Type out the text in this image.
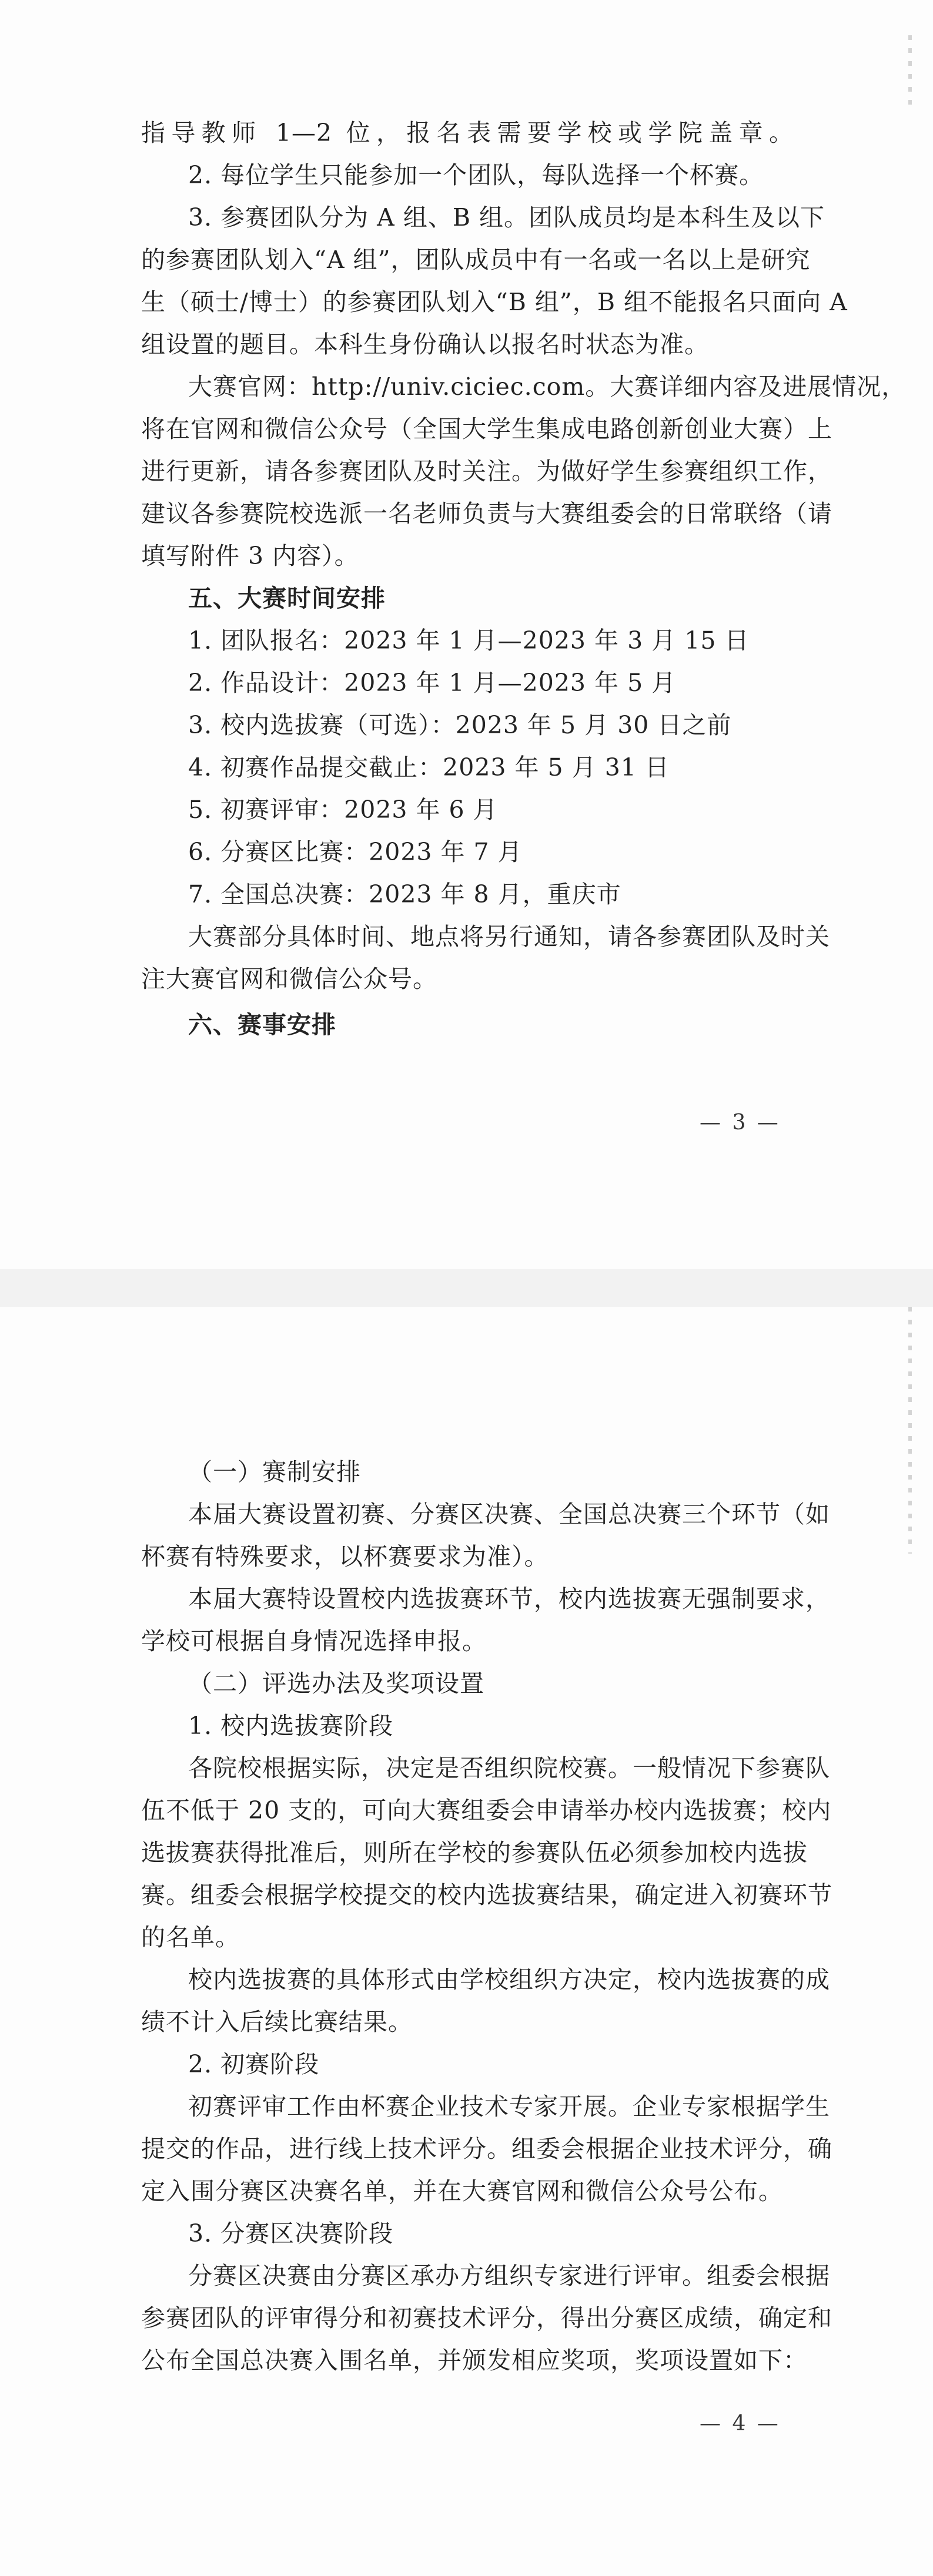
指导教师 1—2 位，报名表需要学校或学院盖章。
2. 每位学生只能参加一个团队，每队选择一个杯赛。
3. 参赛团队分为 A 组、B 组。团队成员均是本科生及以下
的参赛团队划入“A 组”，团队成员中有一名或一名以上是研究
生（硕士/博士）的参赛团队划入“B 组”，B 组不能报名只面向 A
组设置的题目。本科生身份确认以报名时状态为准。
大赛官网：http://univ.ciciec.com。大赛详细内容及进展情况，
将在官网和微信公众号（全国大学生集成电路创新创业大赛）上
进行更新，请各参赛团队及时关注。为做好学生参赛组织工作，
建议各参赛院校选派一名老师负责与大赛组委会的日常联络（请
填写附件 3 内容）。
五、大赛时间安排
1. 团队报名：2023 年 1 月—2023 年 3 月 15 日
2. 作品设计：2023 年 1 月—2023 年 5 月
3. 校内选拔赛（可选）：2023 年 5 月 30 日之前
4. 初赛作品提交截止：2023 年 5 月 31 日
5. 初赛评审：2023 年 6 月
6. 分赛区比赛：2023 年 7 月
7. 全国总决赛：2023 年 8 月，重庆市
大赛部分具体时间、地点将另行通知，请各参赛团队及时关
注大赛官网和微信公众号。
六、赛事安排
— 3 —
（一）赛制安排
本届大赛设置初赛、分赛区决赛、全国总决赛三个环节（如
杯赛有特殊要求，以杯赛要求为准）。
本届大赛特设置校内选拔赛环节，校内选拔赛无强制要求，
学校可根据自身情况选择申报。
（二）评选办法及奖项设置
1. 校内选拔赛阶段
各院校根据实际，决定是否组织院校赛。一般情况下参赛队
伍不低于 20 支的，可向大赛组委会申请举办校内选拔赛；校内
选拔赛获得批准后，则所在学校的参赛队伍必须参加校内选拔
赛。组委会根据学校提交的校内选拔赛结果，确定进入初赛环节
的名单。
校内选拔赛的具体形式由学校组织方决定，校内选拔赛的成
绩不计入后续比赛结果。
2. 初赛阶段
初赛评审工作由杯赛企业技术专家开展。企业专家根据学生
提交的作品，进行线上技术评分。组委会根据企业技术评分，确
定入围分赛区决赛名单，并在大赛官网和微信公众号公布。
3. 分赛区决赛阶段
分赛区决赛由分赛区承办方组织专家进行评审。组委会根据
参赛团队的评审得分和初赛技术评分，得出分赛区成绩，确定和
公布全国总决赛入围名单，并颁发相应奖项，奖项设置如下：
— 4 —
